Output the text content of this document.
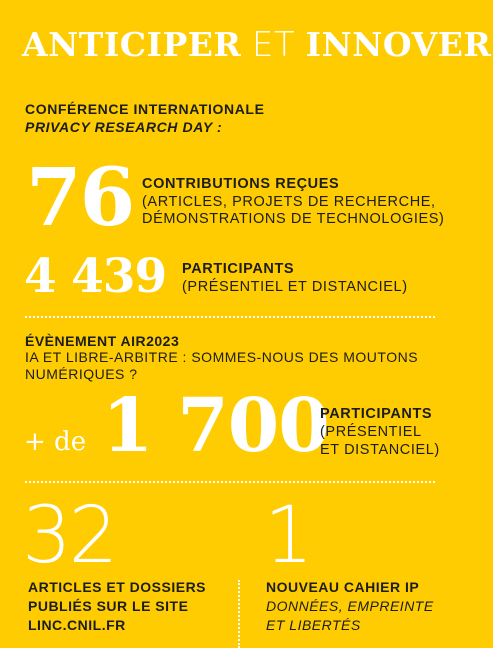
ANTICIPER ET INNOVER
CONFÉRENCE INTERNATIONALE
PRIVACY RESEARCH DAY :
76 CONTRIBUTIONS REÇUES
(ARTICLES, PROJETS DE RECHERCHE,
DÉMONSTRATIONS DE TECHNOLOGIES)
4 439 PARTICIPANTS
(PRÉSENTIEL ET DISTANCIEL)
ÉVÈNEMENT AIR2023
IA ET LIBRE-ARBITRE : SOMMES-NOUS DES MOUTONS NUMÉRIQUES ?
+ de 1 700
PARTICIPANTS
(PRÉSENTIEL
ET DISTANCIEL)
32
ARTICLES ET DOSSIERS
PUBLIÉS SUR LE SITE
LINC.CNIL.FR
1
NOUVEAU CAHIER IP
DONNÉES, EMPREINTE
ET LIBERTÉS
